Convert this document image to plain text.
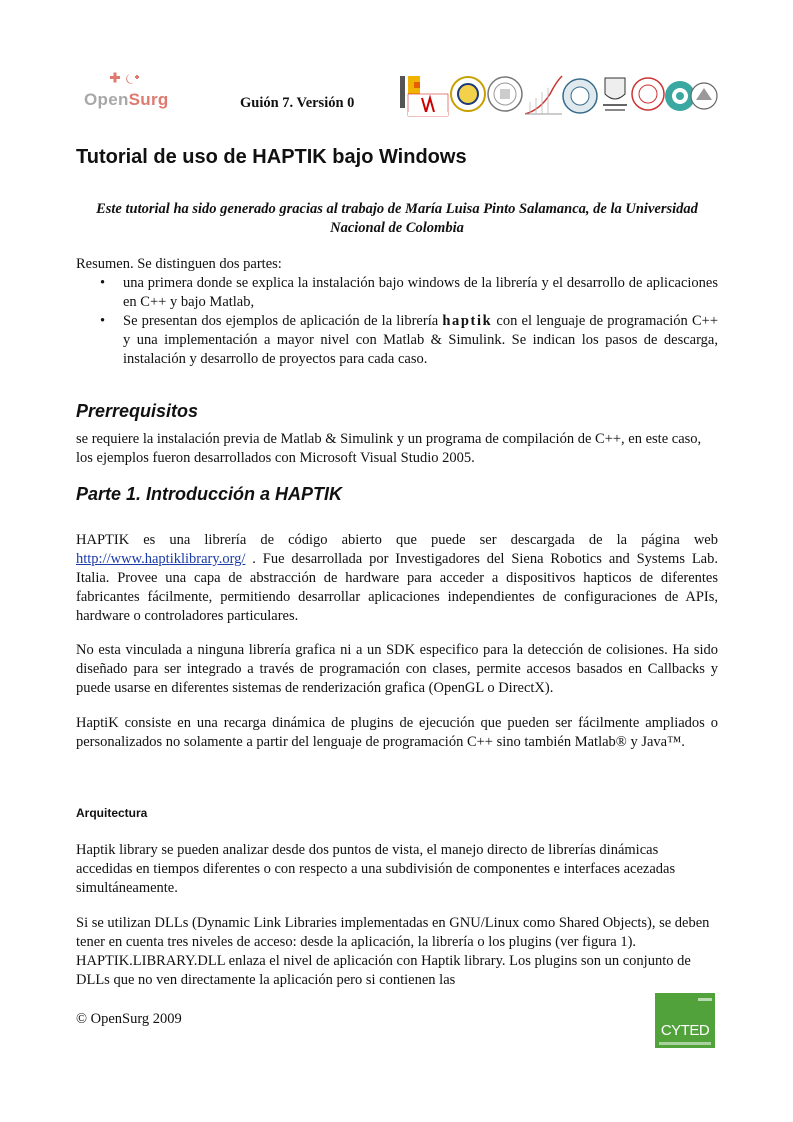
OpenSurg	Guión 7. Versión 0
Tutorial de uso de HAPTIK bajo Windows
Este tutorial ha sido generado gracias al trabajo de María Luisa Pinto Salamanca, de la Universidad Nacional de Colombia
Resumen. Se distinguen dos partes:
• una primera donde se explica la instalación bajo windows de la librería y el desarrollo de aplicaciones en C++ y bajo Matlab,
• Se presentan dos ejemplos de aplicación de la librería haptik con el lenguaje de programación C++ y una implementación a mayor nivel con Matlab & Simulink. Se indican los pasos de descarga, instalación y desarrollo de proyectos para cada caso.
Prerrequisitos
se requiere la instalación previa de Matlab & Simulink y un programa de compilación de C++, en este caso, los ejemplos fueron desarrollados con Microsoft Visual Studio 2005.
Parte 1. Introducción a HAPTIK
HAPTIK es una librería de código abierto que puede ser descargada de la página web http://www.haptiklibrary.org/ . Fue desarrollada por Investigadores del Siena Robotics and Systems Lab. Italia. Provee una capa de abstracción de hardware para acceder a dispositivos hapticos de diferentes fabricantes fácilmente, permitiendo desarrollar aplicaciones independientes de configuraciones de APIs, hardware o controladores particulares.
No esta vinculada a ninguna librería grafica ni a un SDK especifico para la detección de colisiones. Ha sido diseñado para ser integrado a través de programación con clases, permite accesos basados en Callbacks y puede usarse en diferentes sistemas de renderización grafica (OpenGL o DirectX).
HaptiK consiste en una recarga dinámica de plugins de ejecución que pueden ser fácilmente ampliados o personalizados no solamente a partir del lenguaje de programación C++ sino también Matlab® y Java™.
Arquitectura
Haptik library se pueden analizar desde dos puntos de vista, el manejo directo de librerías dinámicas accedidas en tiempos diferentes o con respecto a una subdivisión de componentes e interfaces acezadas simultáneamente.
Si se utilizan DLLs (Dynamic Link Libraries implementadas en GNU/Linux como Shared Objects), se deben tener en cuenta tres niveles de acceso: desde la aplicación, la librería o los plugins (ver figura 1). HAPTIK.LIBRARY.DLL enlaza el nivel de aplicación con Haptik library. Los plugins son un conjunto de DLLs que no ven directamente la aplicación pero si contienen las
© OpenSurg 2009
CYTED
